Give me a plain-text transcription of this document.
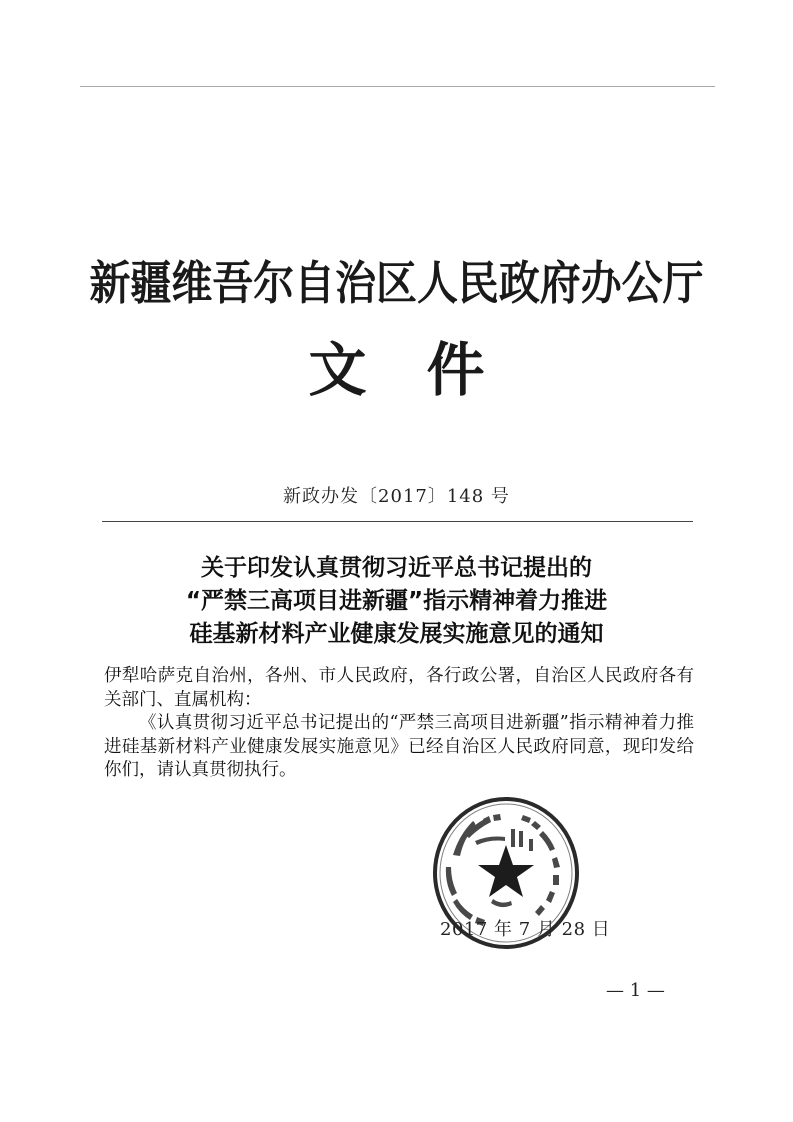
新疆维吾尔自治区人民政府办公厅
文件
新政办发〔2017〕148 号
关于印发认真贯彻习近平总书记提出的
“严禁三高项目进新疆”指示精神着力推进
硅基新材料产业健康发展实施意见的通知

伊犁哈萨克自治州，各州、市人民政府，各行政公署，自治区人民政府各有关部门、直属机构：

《认真贯彻习近平总书记提出的“严禁三高项目进新疆”指示精神着力推进硅基新材料产业健康发展实施意见》已经自治区人民政府同意，现印发给你们，请认真贯彻执行。

2017 年 7 月 28 日
— 1 —
